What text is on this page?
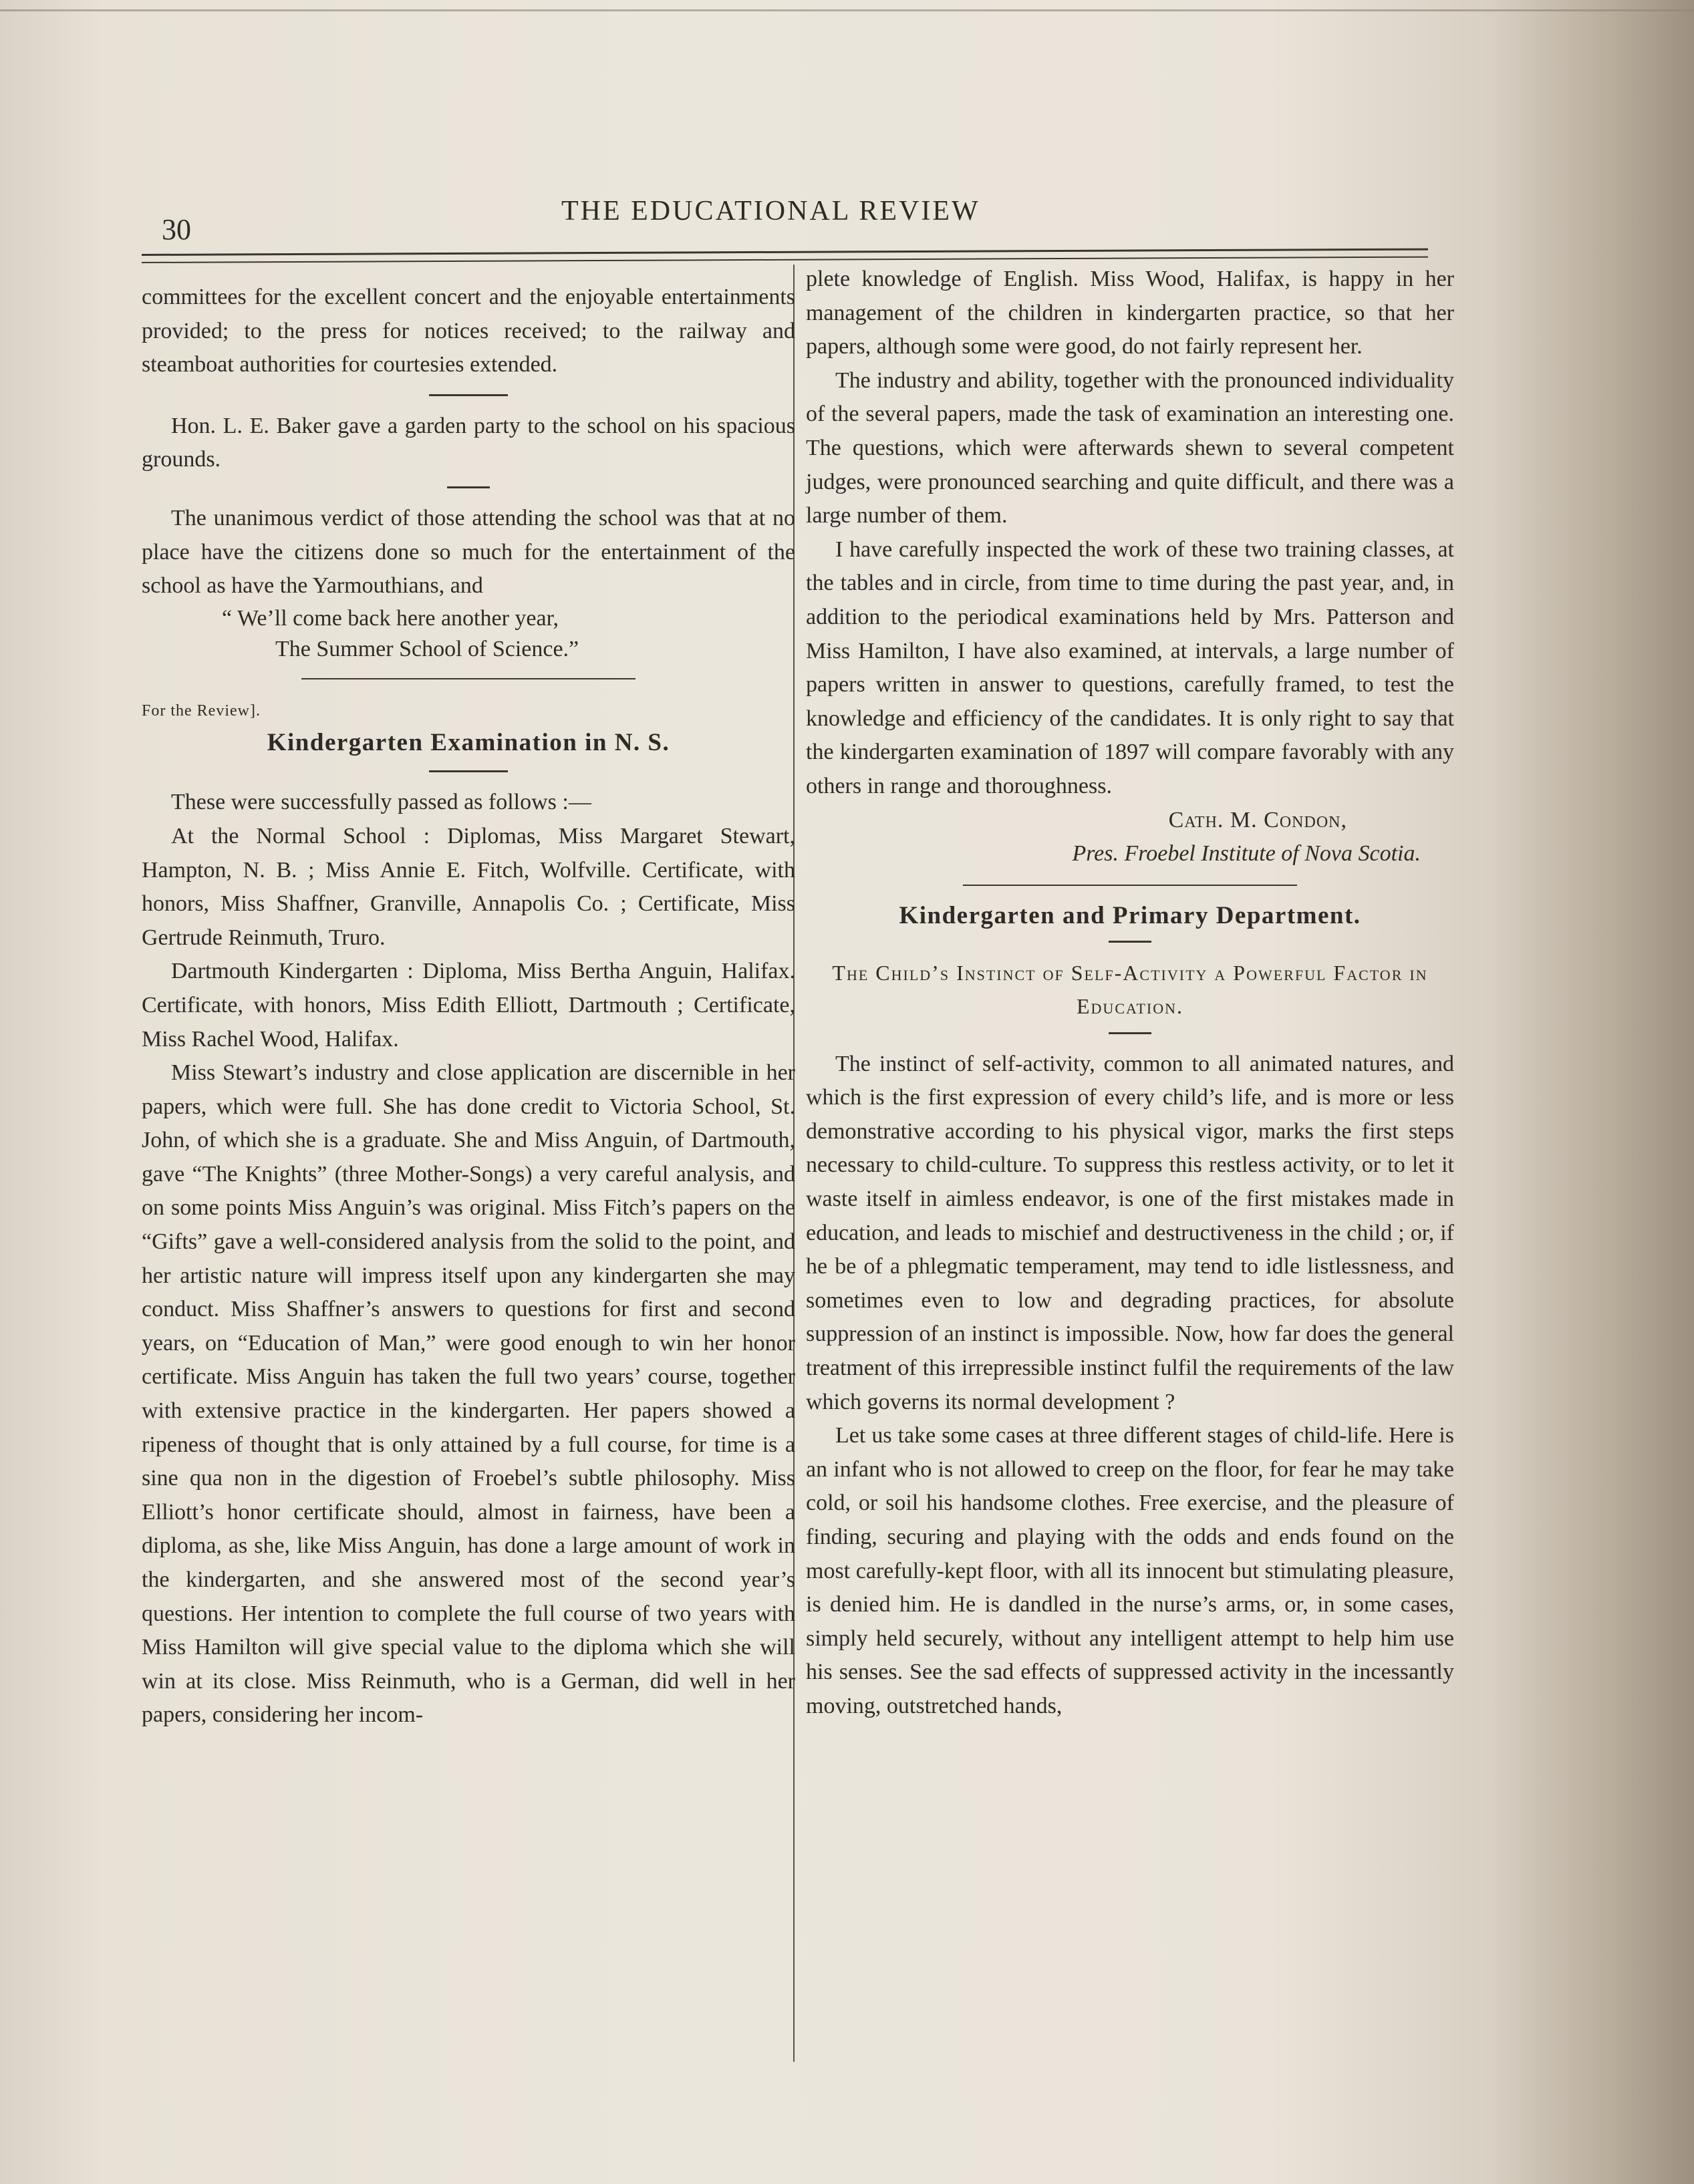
30
THE EDUCATIONAL REVIEW

committees for the excellent concert and the enjoyable entertainments provided; to the press for notices received; to the railway and steamboat authorities for courtesies extended.

Hon. L. E. Baker gave a garden party to the school on his spacious grounds.

The unanimous verdict of those attending the school was that at no place have the citizens done so much for the entertainment of the school as have the Yarmouthians, and

“ We’ll come back here another year,
The Summer School of Science.”
For the Review].
Kindergarten Examination in N. S.

These were successfully passed as follows :—

At the Normal School : Diplomas, Miss Margaret Stewart, Hampton, N. B. ; Miss Annie E. Fitch, Wolfville. Certificate, with honors, Miss Shaffner, Granville, Annapolis Co. ; Certificate, Miss Gertrude Reinmuth, Truro.

Dartmouth Kindergarten : Diploma, Miss Bertha Anguin, Halifax. Certificate, with honors, Miss Edith Elliott, Dartmouth ; Certificate, Miss Rachel Wood, Halifax.

Miss Stewart’s industry and close application are discernible in her papers, which were full. She has done credit to Victoria School, St. John, of which she is a graduate. She and Miss Anguin, of Dartmouth, gave “The Knights” (three Mother-Songs) a very careful analysis, and on some points Miss Anguin’s was original. Miss Fitch’s papers on the “Gifts” gave a well-considered analysis from the solid to the point, and her artistic nature will impress itself upon any kindergarten she may conduct. Miss Shaffner’s answers to questions for first and second years, on “Education of Man,” were good enough to win her honor certificate. Miss Anguin has taken the full two years’ course, together with extensive practice in the kindergarten. Her papers showed a ripeness of thought that is only attained by a full course, for time is a sine qua non in the digestion of Froebel’s subtle philosophy. Miss Elliott’s honor certificate should, almost in fairness, have been a diploma, as she, like Miss Anguin, has done a large amount of work in the kindergarten, and she answered most of the second year’s questions. Her intention to complete the full course of two years with Miss Hamilton will give special value to the diploma which she will win at its close. Miss Reinmuth, who is a German, did well in her papers, considering her incom-

plete knowledge of English. Miss Wood, Halifax, is happy in her management of the children in kindergarten practice, so that her papers, although some were good, do not fairly represent her.

The industry and ability, together with the pronounced individuality of the several papers, made the task of examination an interesting one. The questions, which were afterwards shewn to several competent judges, were pronounced searching and quite difficult, and there was a large number of them.

I have carefully inspected the work of these two training classes, at the tables and in circle, from time to time during the past year, and, in addition to the periodical examinations held by Mrs. Patterson and Miss Hamilton, I have also examined, at intervals, a large number of papers written in answer to questions, carefully framed, to test the knowledge and efficiency of the candidates. It is only right to say that the kindergarten examination of 1897 will compare favorably with any others in range and thoroughness.

Cath. M. Condon,
Pres. Froebel Institute of Nova Scotia.
Kindergarten and Primary Department.
The Child’s Instinct of Self-Activity a Powerful Factor in Education.

The instinct of self-activity, common to all animated natures, and which is the first expression of every child’s life, and is more or less demonstrative according to his physical vigor, marks the first steps necessary to child-culture. To suppress this restless activity, or to let it waste itself in aimless endeavor, is one of the first mistakes made in education, and leads to mischief and destructiveness in the child ; or, if he be of a phlegmatic temperament, may tend to idle listlessness, and sometimes even to low and degrading practices, for absolute suppression of an instinct is impossible. Now, how far does the general treatment of this irrepressible instinct fulfil the requirements of the law which governs its normal development ?

Let us take some cases at three different stages of child-life. Here is an infant who is not allowed to creep on the floor, for fear he may take cold, or soil his handsome clothes. Free exercise, and the pleasure of finding, securing and playing with the odds and ends found on the most carefully-kept floor, with all its innocent but stimulating pleasure, is denied him. He is dandled in the nurse’s arms, or, in some cases, simply held securely, without any intelligent attempt to help him use his senses. See the sad effects of suppressed activity in the incessantly moving, outstretched hands,
